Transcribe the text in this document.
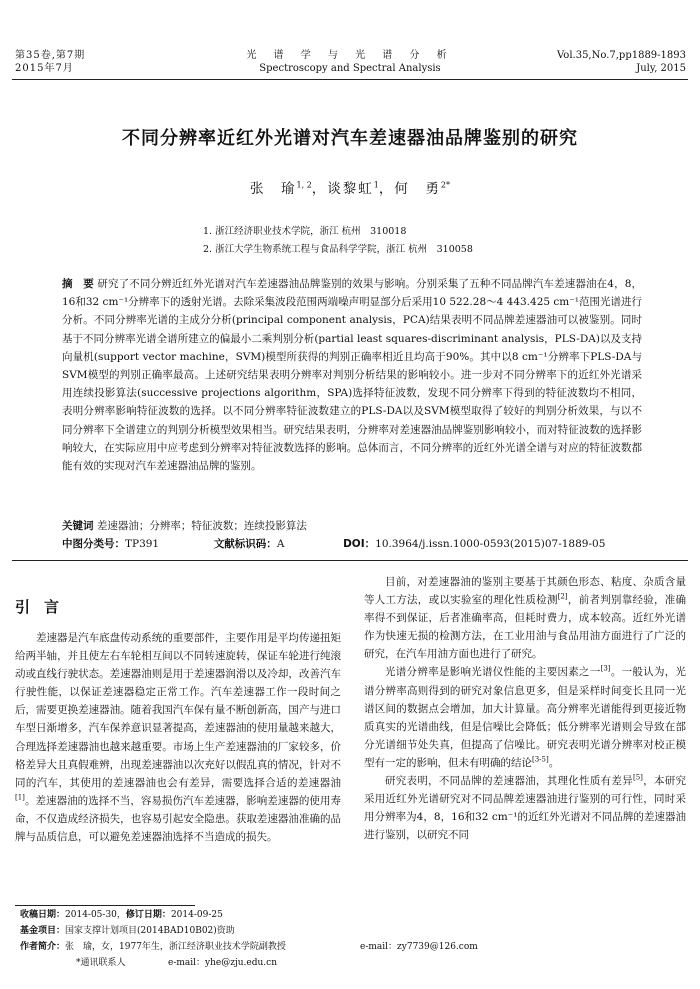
第35卷,第7期
2015年7月
光 谱 学 与 光 谱 分 析
Spectroscopy and Spectral Analysis
Vol.35,No.7,pp1889-1893
July, 2015
不同分辨率近红外光谱对汽车差速器油品牌鉴别的研究
张　瑜$^{1, 2}$，谈黎虹$^1$，何　勇$^{2*}$
1. 浙江经济职业技术学院，浙江 杭州　310018
2. 浙江大学生物系统工程与食品科学学院，浙江 杭州　310058
摘　要 研究了不同分辨近红外光谱对汽车差速器油品牌鉴别的效果与影响。分别采集了五种不同品牌汽车差速器油在4，8，16和32 cm⁻¹分辨率下的透射光谱。去除采集波段范围两端噪声明显部分后采用10 522.28～4 443.425 cm⁻¹范围光谱进行分析。不同分辨率光谱的主成分分析(principal component analysis，PCA)结果表明不同品牌差速器油可以被鉴别。同时基于不同分辨率光谱全谱所建立的偏最小二乘判别分析(partial least squares-discriminant analysis，PLS-DA)以及支持向量机(support vector machine，SVM)模型所获得的判别正确率相近且均高于90%。其中以8 cm⁻¹分辨率下PLS-DA与SVM模型的判别正确率最高。上述研究结果表明分辨率对判别分析结果的影响较小。进一步对不同分辨率下的近红外光谱采用连续投影算法(successive projections algorithm，SPA)选择特征波数，发现不同分辨率下得到的特征波数均不相同，表明分辨率影响特征波数的选择。以不同分辨率特征波数建立的PLS-DA以及SVM模型取得了较好的判别分析效果，与以不同分辨率下全谱建立的判别分析模型效果相当。研究结果表明，分辨率对差速器油品牌鉴别影响较小，而对特征波数的选择影响较大，在实际应用中应考虑到分辨率对特征波数选择的影响。总体而言，不同分辨率的近红外光谱全谱与对应的特征波数都能有效的实现对汽车差速器油品牌的鉴别。
关键词 差速器油；分辨率；特征波数；连续投影算法
中图分类号：TP391	文献标识码：A	DOI：10.3964/j.issn.1000-0593(2015)07-1889-05
引言

差速器是汽车底盘传动系统的重要部件，主要作用是平均传递扭矩给两半轴，并且使左右车轮相互间以不同转速旋转，保证车轮进行纯滚动或直线行驶状态。差速器油则是用于差速器润滑以及冷却，改善汽车行驶性能，以保证差速器稳定正常工作。汽车差速器工作一段时间之后，需要更换差速器油。随着我国汽车保有量不断创新高，国产与进口车型日渐增多，汽车保养意识显著提高，差速器油的使用量越来越大，合理选择差速器油也越来越重要。市场上生产差速器油的厂家较多，价格差异大且真假难辨，出现差速器油以次充好以假乱真的情况，针对不同的汽车，其使用的差速器油也会有差异，需要选择合适的差速器油[1]。差速器油的选择不当，容易损伤汽车差速器，影响差速器的使用寿命，不仅造成经济损失，也容易引起安全隐患。获取差速器油准确的品牌与品质信息，可以避免差速器油选择不当造成的损失。

目前，对差速器油的鉴别主要基于其颜色形态、粘度、杂质含量等人工方法，或以实验室的理化性质检测[2]，前者判别靠经验，准确率得不到保证，后者准确率高，但耗时费力，成本较高。近红外光谱作为快速无损的检测方法，在工业用油与食品用油方面进行了广泛的研究，在汽车用油方面也进行了研究。

光谱分辨率是影响光谱仪性能的主要因素之一[3]。一般认为，光谱分辨率高则得到的研究对象信息更多，但是采样时间变长且同一光谱区间的数据点会增加，加大计算量。高分辨率光谱能得到更接近物质真实的光谱曲线，但是信噪比会降低；低分辨率光谱则会导致在部分光谱细节处失真，但提高了信噪比。研究表明光谱分辨率对校正模型有一定的影响，但未有明确的结论[3-5]。

研究表明，不同品牌的差速器油，其理化性质有差异[5]，本研究采用近红外光谱研究对不同品牌差速器油进行鉴别的可行性，同时采用分辨率为4，8，16和32 cm⁻¹的近红外光谱对不同品牌的差速器油进行鉴别，以研究不同

收稿日期：2014-05-30，修订日期：2014-09-25
基金项目：国家支撑计划项目(2014BAD10B02)资助
作者简介：张　瑜，女，1977年生，浙江经济职业技术学院副教授	e-mail：zy7739@126.com
*通讯联系人	e-mail：yhe@zju.edu.cn
